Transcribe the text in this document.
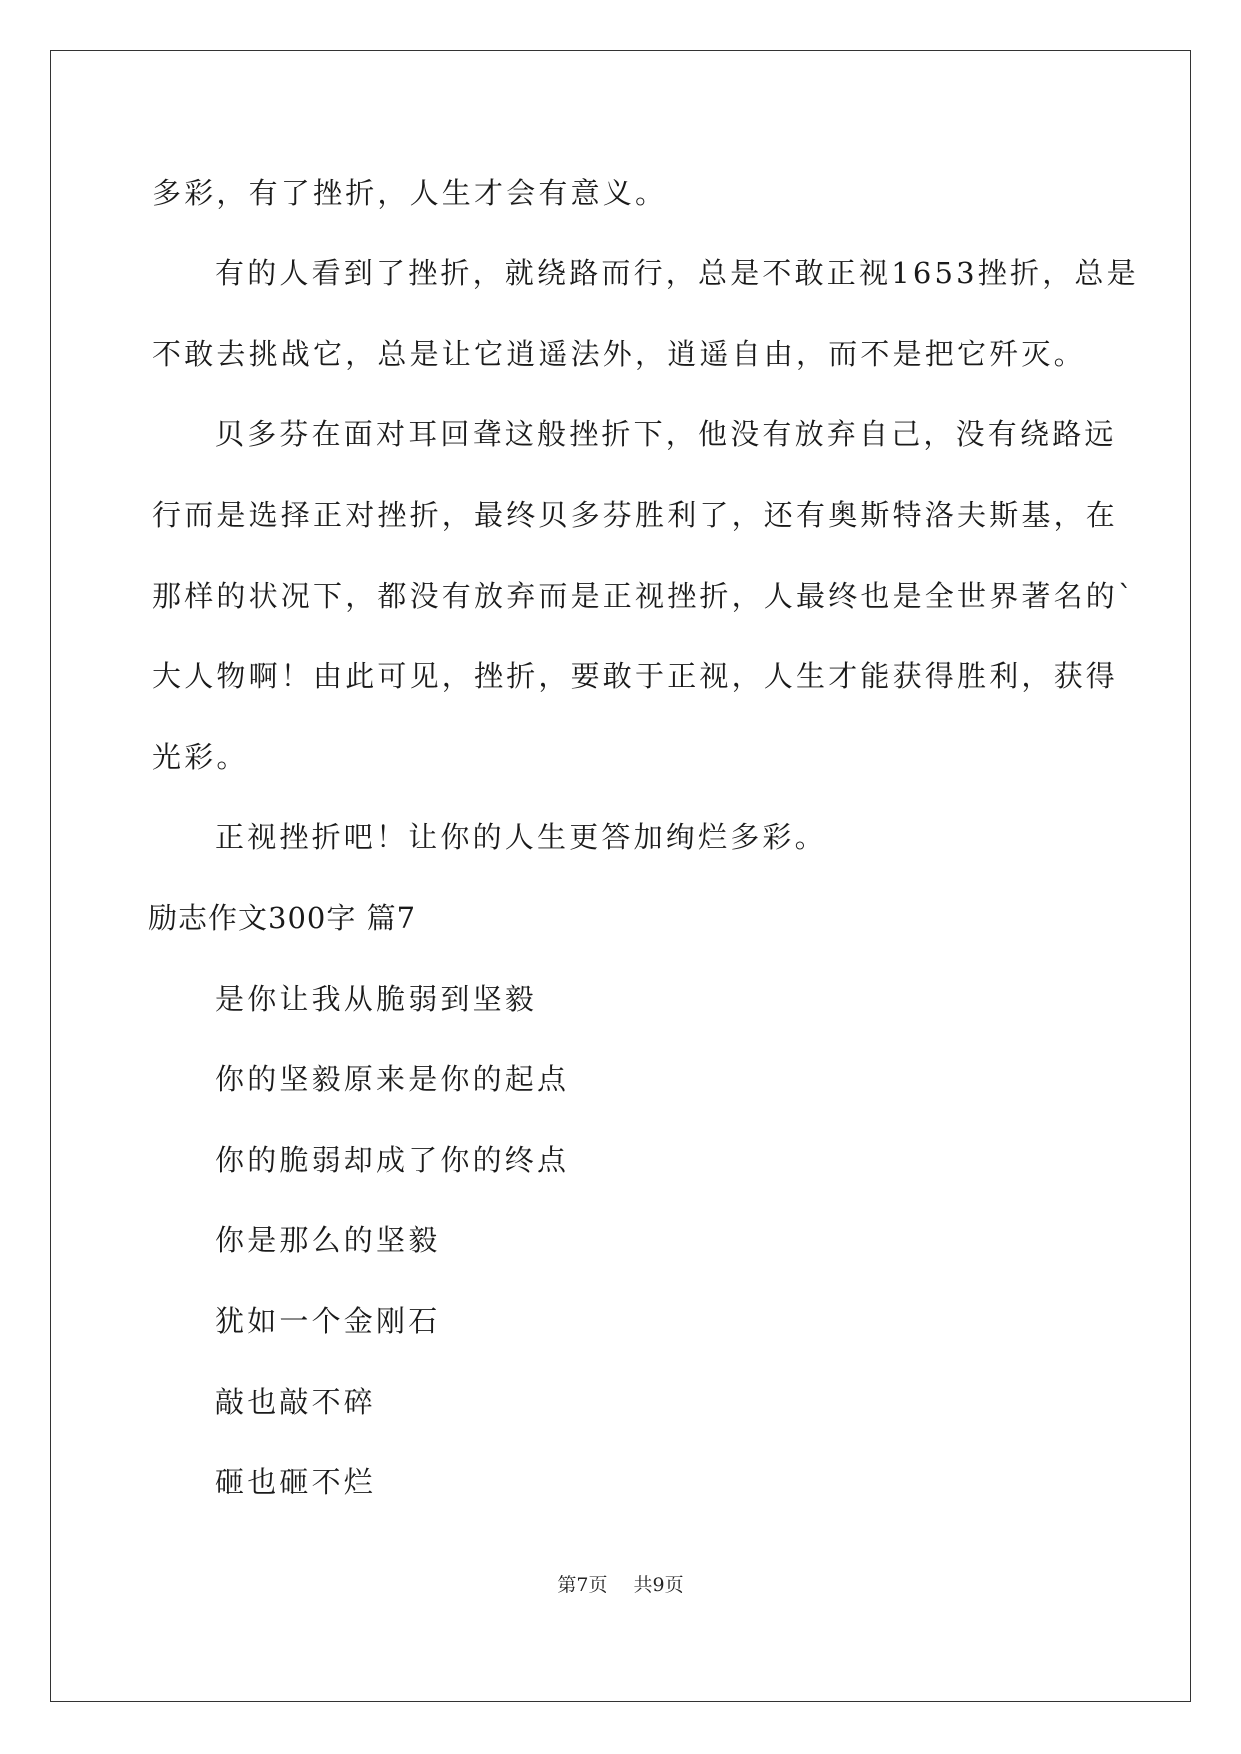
多彩，有了挫折，人生才会有意义。
有的人看到了挫折，就绕路而行，总是不敢正视1653挫折，总是
不敢去挑战它，总是让它逍遥法外，逍遥自由，而不是把它歼灭。
贝多芬在面对耳回聋这般挫折下，他没有放弃自己，没有绕路远
行而是选择正对挫折，最终贝多芬胜利了，还有奥斯特洛夫斯基，在
那样的状况下，都没有放弃而是正视挫折，人最终也是全世界著名的`
大人物啊！由此可见，挫折，要敢于正视，人生才能获得胜利，获得
光彩。
正视挫折吧！让你的人生更答加绚烂多彩。
励志作文300字 篇7
是你让我从脆弱到坚毅
你的坚毅原来是你的起点
你的脆弱却成了你的终点
你是那么的坚毅
犹如一个金刚石
敲也敲不碎
砸也砸不烂
第7页 共9页
